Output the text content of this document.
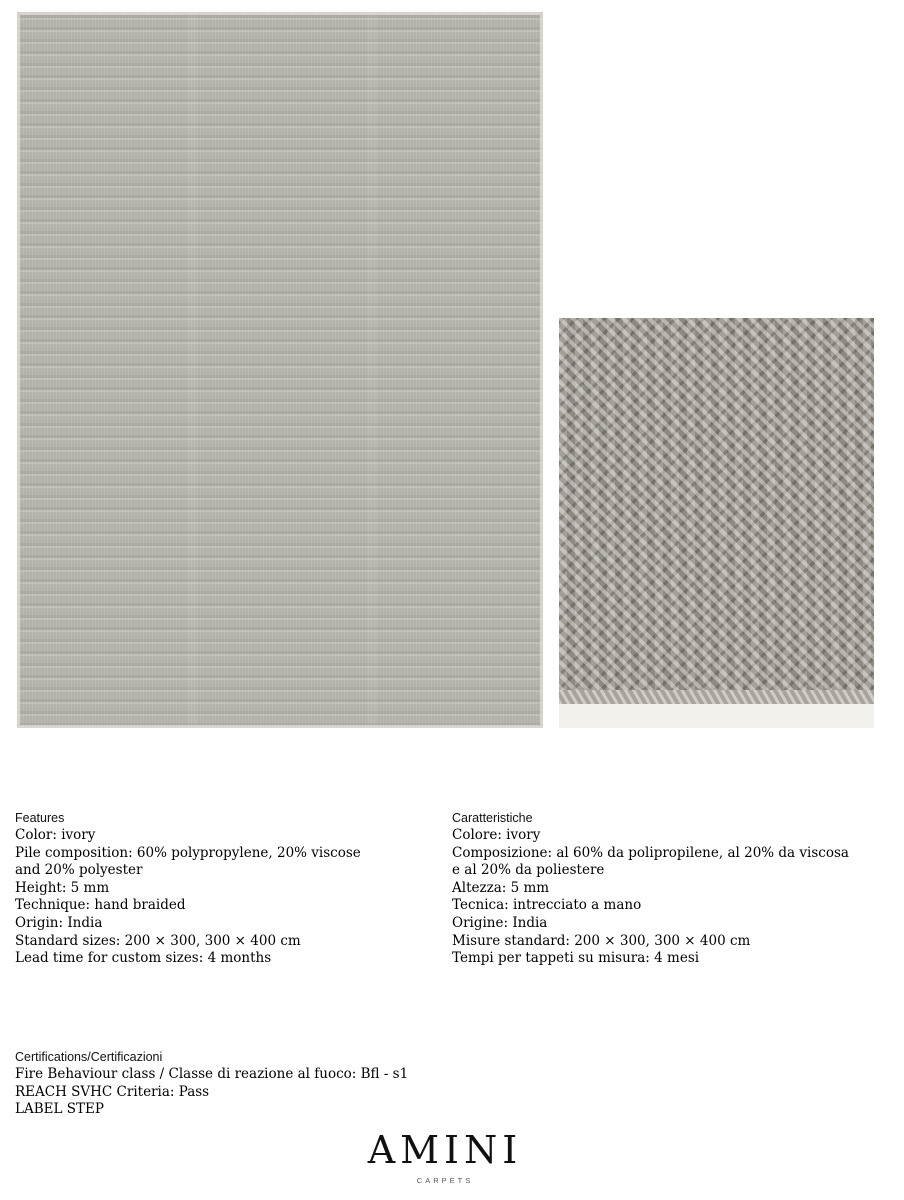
Features

Color: ivory

Pile composition: 60% polypropylene, 20% viscose

and 20% polyester

Height: 5 mm

Technique: hand braided

Origin: India

Standard sizes: 200 × 300, 300 × 400 cm

Lead time for custom sizes: 4 months

Caratteristiche

Colore: ivory

Composizione: al 60% da polipropilene, al 20% da viscosa

e al 20% da poliestere

Altezza: 5 mm

Tecnica: intrecciato a mano

Origine: India

Misure standard: 200 × 300, 300 × 400 cm

Tempi per tappeti su misura: 4 mesi

Certifications/Certificazioni

Fire Behaviour class / Classe di reazione al fuoco: Bfl - s1

REACH SVHC Criteria: Pass

LABEL STEP

AMINI
CARPETS
